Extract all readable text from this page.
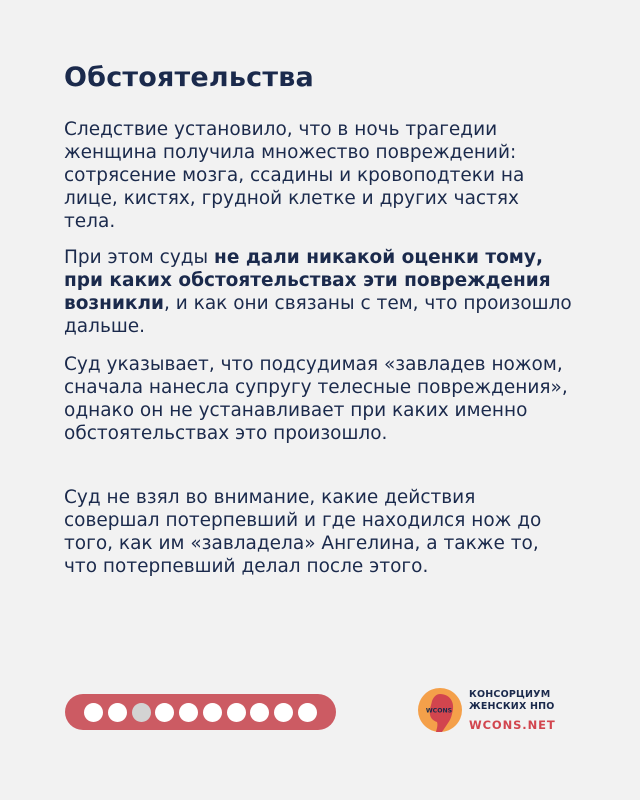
Обстоятельства

Следствие установило, что в ночь трагедии женщина получила множество повреждений: сотрясение мозга, ссадины и кровоподтеки на лице, кистях, грудной клетке и других частях тела.

При этом суды не дали никакой оценки тому, при каких обстоятельствах эти повреждения возникли, и как они связаны с тем, что произошло дальше.

Суд указывает, что подсудимая «завладев ножом, сначала нанесла супругу телесные повреждения», однако он не устанавливает при каких именно обстоятельствах это произошло.

Суд не взял во внимание, какие действия совершал потерпевший и где находился нож до того, как им «завладела» Ангелина, а также то, что потерпевший делал после этого.

WCONS
КОНСОРЦИУМ
ЖЕНСКИХ НПО
WCONS.NET
